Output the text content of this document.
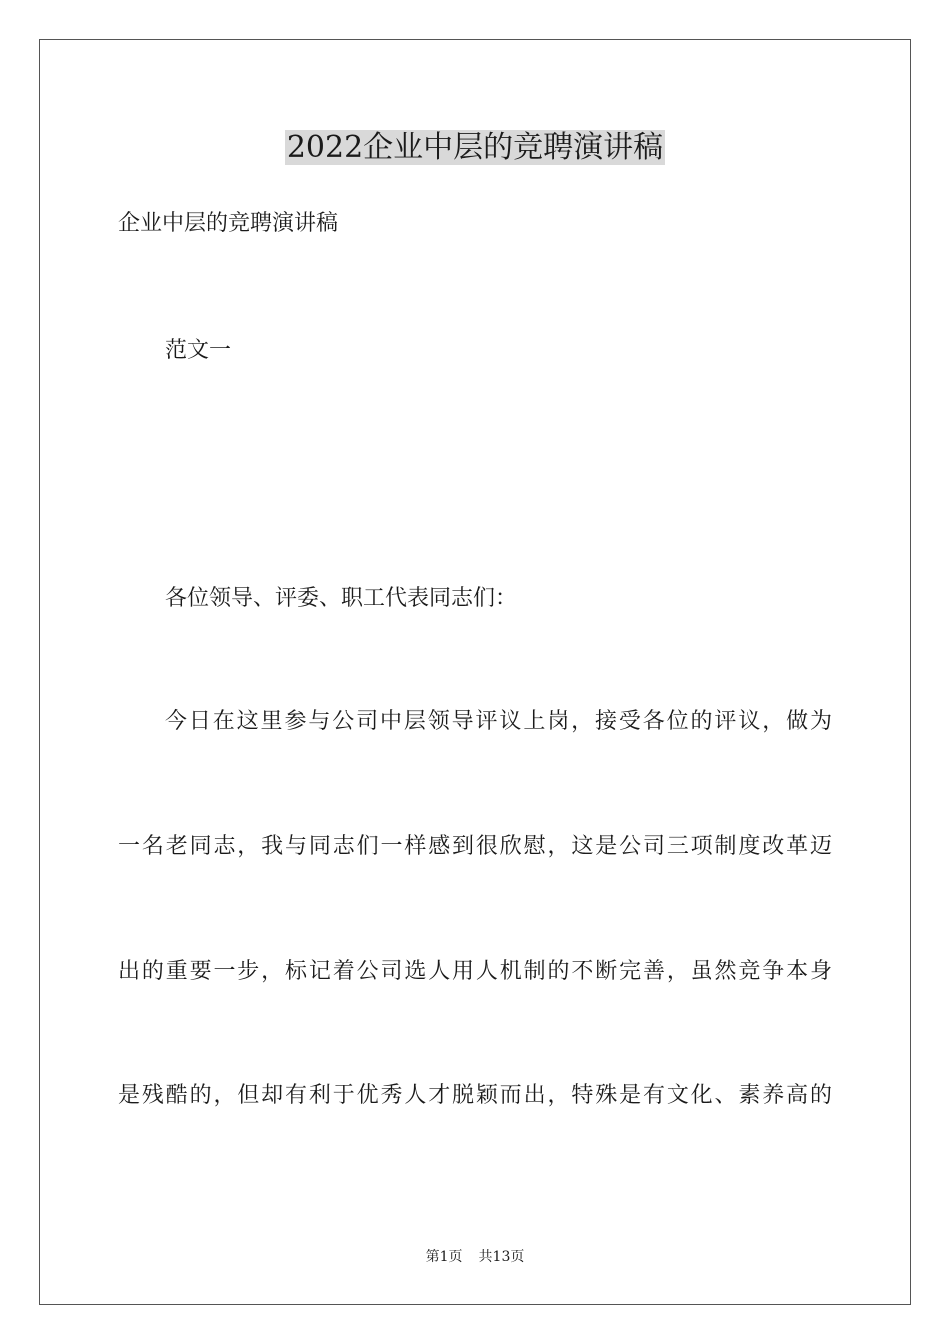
2022企业中层的竞聘演讲稿
企业中层的竞聘演讲稿
范文一
各位领导、评委、职工代表同志们：
今日在这里参与公司中层领导评议上岗，接受各位的评议，做为
一名老同志，我与同志们一样感到很欣慰，这是公司三项制度改革迈
出的重要一步，标记着公司选人用人机制的不断完善，虽然竞争本身
是残酷的，但却有利于优秀人才脱颖而出，特殊是有文化、素养高的
第1页 共13页
